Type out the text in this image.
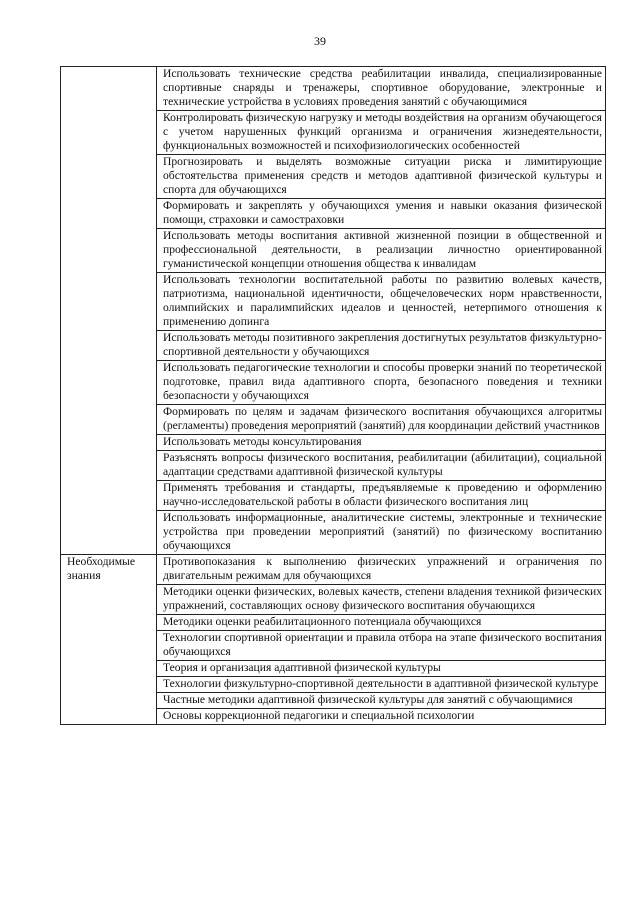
39
	Использовать технические средства реабилитации инвалида, специализированные спортивные снаряды и тренажеры, спортивное оборудование, электронные и технические устройства в условиях проведения занятий с обучающимися
	Контролировать физическую нагрузку и методы воздействия на организм обучающегося с учетом нарушенных функций организма и ограничения жизнедеятельности, функциональных возможностей и психофизиологических особенностей
	Прогнозировать и выделять возможные ситуации риска и лимитирующие обстоятельства применения средств и методов адаптивной физической культуры и спорта для обучающихся
	Формировать и закреплять у обучающихся умения и навыки оказания физической помощи, страховки и самостраховки
	Использовать методы воспитания активной жизненной позиции в общественной и профессиональной деятельности, в реализации личностно ориентированной гуманистической концепции отношения общества к инвалидам
	Использовать технологии воспитательной работы по развитию волевых качеств, патриотизма, национальной идентичности, общечеловеческих норм нравственности, олимпийских и паралимпийских идеалов и ценностей, нетерпимого отношения к применению допинга
	Использовать методы позитивного закрепления достигнутых результатов физкультурно-спортивной деятельности у обучающихся
	Использовать педагогические технологии и способы проверки знаний по теоретической подготовке, правил вида адаптивного спорта, безопасного поведения и техники безопасности у обучающихся
	Формировать по целям и задачам физического воспитания обучающихся алгоритмы (регламенты) проведения мероприятий (занятий) для координации действий участников
	Использовать методы консультирования
	Разъяснять вопросы физического воспитания, реабилитации (абилитации), социальной адаптации средствами адаптивной физической культуры
	Применять требования и стандарты, предъявляемые к проведению и оформлению научно-исследовательской работы в области физического воспитания лиц
	Использовать информационные, аналитические системы, электронные и технические устройства при проведении мероприятий (занятий) по физическому воспитанию обучающихся
Необходимые знания	Противопоказания к выполнению физических упражнений и ограничения по двигательным режимам для обучающихся
	Методики оценки физических, волевых качеств, степени владения техникой физических упражнений, составляющих основу физического воспитания обучающихся
	Методики оценки реабилитационного потенциала обучающихся
	Технологии спортивной ориентации и правила отбора на этапе физического воспитания обучающихся
	Теория и организация адаптивной физической культуры
	Технологии физкультурно-спортивной деятельности в адаптивной физической культуре
	Частные методики адаптивной физической культуры для занятий с обучающимися
	Основы коррекционной педагогики и специальной психологии
